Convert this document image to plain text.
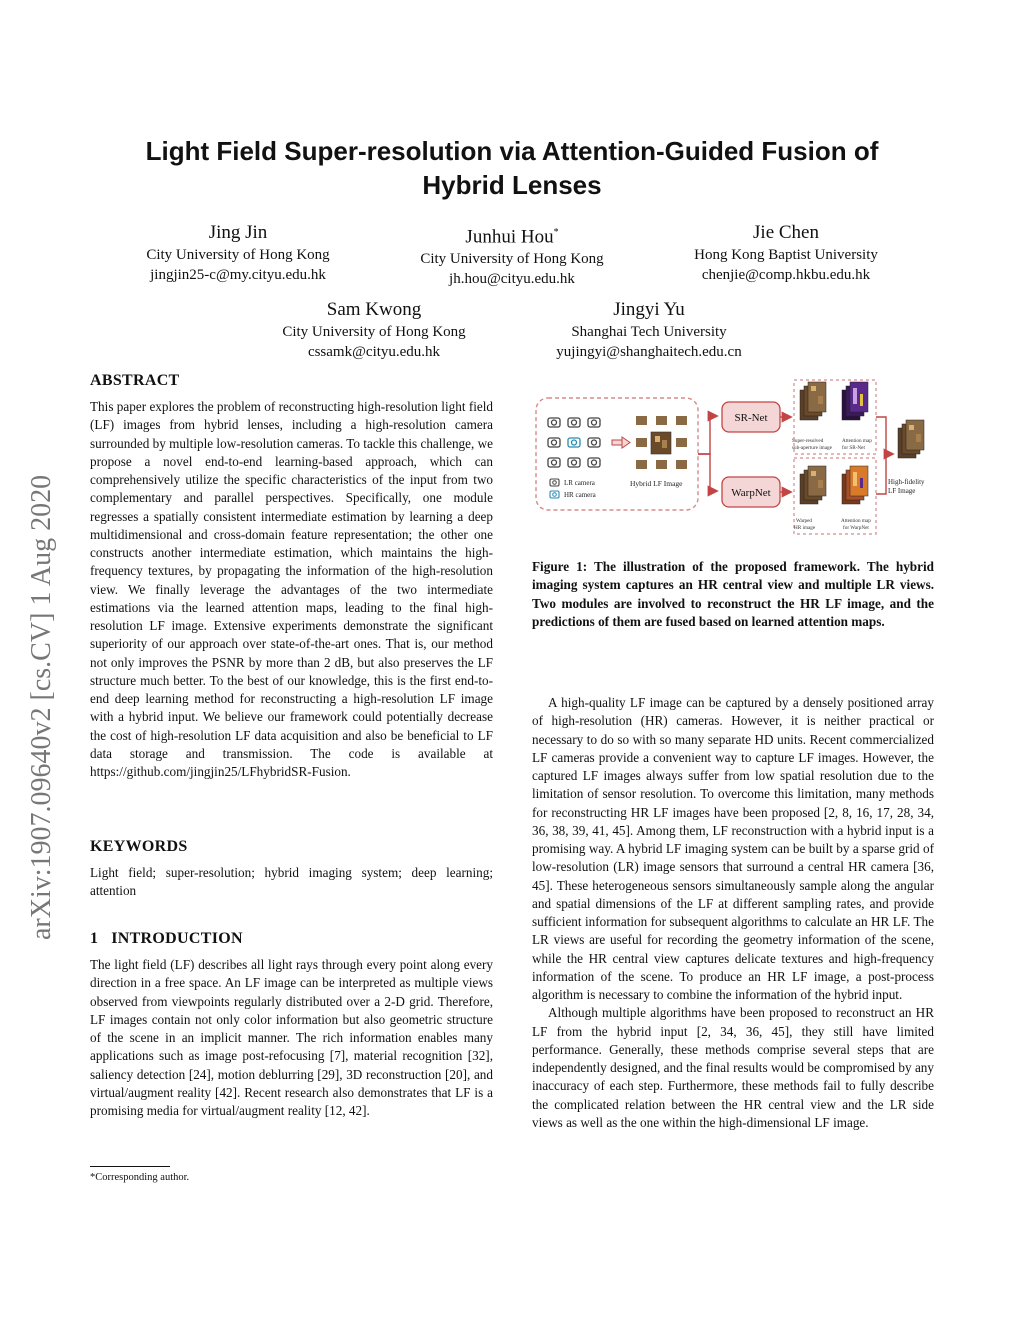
arXiv:1907.09640v2 [cs.CV] 1 Aug 2020
Light Field Super-resolution via Attention-Guided Fusion of
Hybrid Lenses
Jing Jin
City University of Hong Kong
jingjin25-c@my.cityu.edu.hk
Junhui Hou*
City University of Hong Kong
jh.hou@cityu.edu.hk
Jie Chen
Hong Kong Baptist University
chenjie@comp.hkbu.edu.hk
Sam Kwong
City University of Hong Kong
cssamk@cityu.edu.hk
Jingyi Yu
Shanghai Tech University
yujingyi@shanghaitech.edu.cn
ABSTRACT
This paper explores the problem of reconstructing high-resolution light field (LF) images from hybrid lenses, including a high-resolution camera surrounded by multiple low-resolution cameras. To tackle this challenge, we propose a novel end-to-end learning-based approach, which can comprehensively utilize the specific characteristics of the input from two complementary and parallel perspectives. Specifically, one module regresses a spatially consistent intermediate estimation by learning a deep multidimensional and cross-domain feature representation; the other one constructs another intermediate estimation, which maintains the high-frequency textures, by propagating the information of the high-resolution view. We finally leverage the advantages of the two intermediate estimations via the learned attention maps, leading to the final high-resolution LF image. Extensive experiments demonstrate the significant superiority of our approach over state-of-the-art ones. That is, our method not only improves the PSNR by more than 2 dB, but also preserves the LF structure much better. To the best of our knowledge, this is the first end-to-end deep learning method for reconstructing a high-resolution LF image with a hybrid input. We believe our framework could potentially decrease the cost of high-resolution LF data acquisition and also be beneficial to LF data storage and transmission. The code is available at https://github.com/jingjin25/LFhybridSR-Fusion.
KEYWORDS
Light field; super-resolution; hybrid imaging system; deep learning; attention
1   INTRODUCTION
The light field (LF) describes all light rays through every point along every direction in a free space. An LF image can be interpreted as multiple views observed from viewpoints regularly distributed over a 2-D grid. Therefore, LF images contain not only color information but also geometric structure of the scene in an implicit manner. The rich information enables many applications such as image post-refocusing [7], material recognition [32], saliency detection [24], motion deblurring [29], 3D reconstruction [20], and virtual/augment reality [42]. Recent research also demonstrates that LF is a promising media for virtual/augment reality [12, 42].
*Corresponding author.
LR camera
HR camera
Hybrid LF Image
SR-Net
WarpNet
Super-resolved
sub-aperture image
Attention map
for SR-Net
Warped
HR image
Attention map
for WarpNet
High-fidelity
LF Image
Figure 1: The illustration of the proposed framework. The hybrid imaging system captures an HR central view and multiple LR views. Two modules are involved to reconstruct the HR LF image, and the predictions of them are fused based on learned attention maps.

A high-quality LF image can be captured by a densely positioned array of high-resolution (HR) cameras. However, it is neither practical or necessary to do so with so many separate HD units. Recent commercialized LF cameras provide a convenient way to capture LF images. However, the captured LF images always suffer from low spatial resolution due to the limitation of sensor resolution. To overcome this limitation, many methods for reconstructing HR LF images have been proposed [2, 8, 16, 17, 28, 34, 36, 38, 39, 41, 45]. Among them, LF reconstruction with a hybrid input is a promising way. A hybrid LF imaging system can be built by a sparse grid of low-resolution (LR) image sensors that surround a central HR camera [36, 45]. These heterogeneous sensors simultaneously sample along the angular and spatial dimensions of the LF at different sampling rates, and provide sufficient information for subsequent algorithms to calculate an HR LF. The LR views are useful for recording the geometry information of the scene, while the HR central view captures delicate textures and high-frequency information of the scene. To produce an HR LF image, a post-process algorithm is necessary to combine the information of the hybrid input.

Although multiple algorithms have been proposed to reconstruct an HR LF from the hybrid input [2, 34, 36, 45], they still have limited performance. Generally, these methods comprise several steps that are independently designed, and the final results would be compromised by any inaccuracy of each step. Furthermore, these methods fail to fully describe the complicated relation between the HR central view and the LR side views as well as the one within the high-dimensional LF image.
